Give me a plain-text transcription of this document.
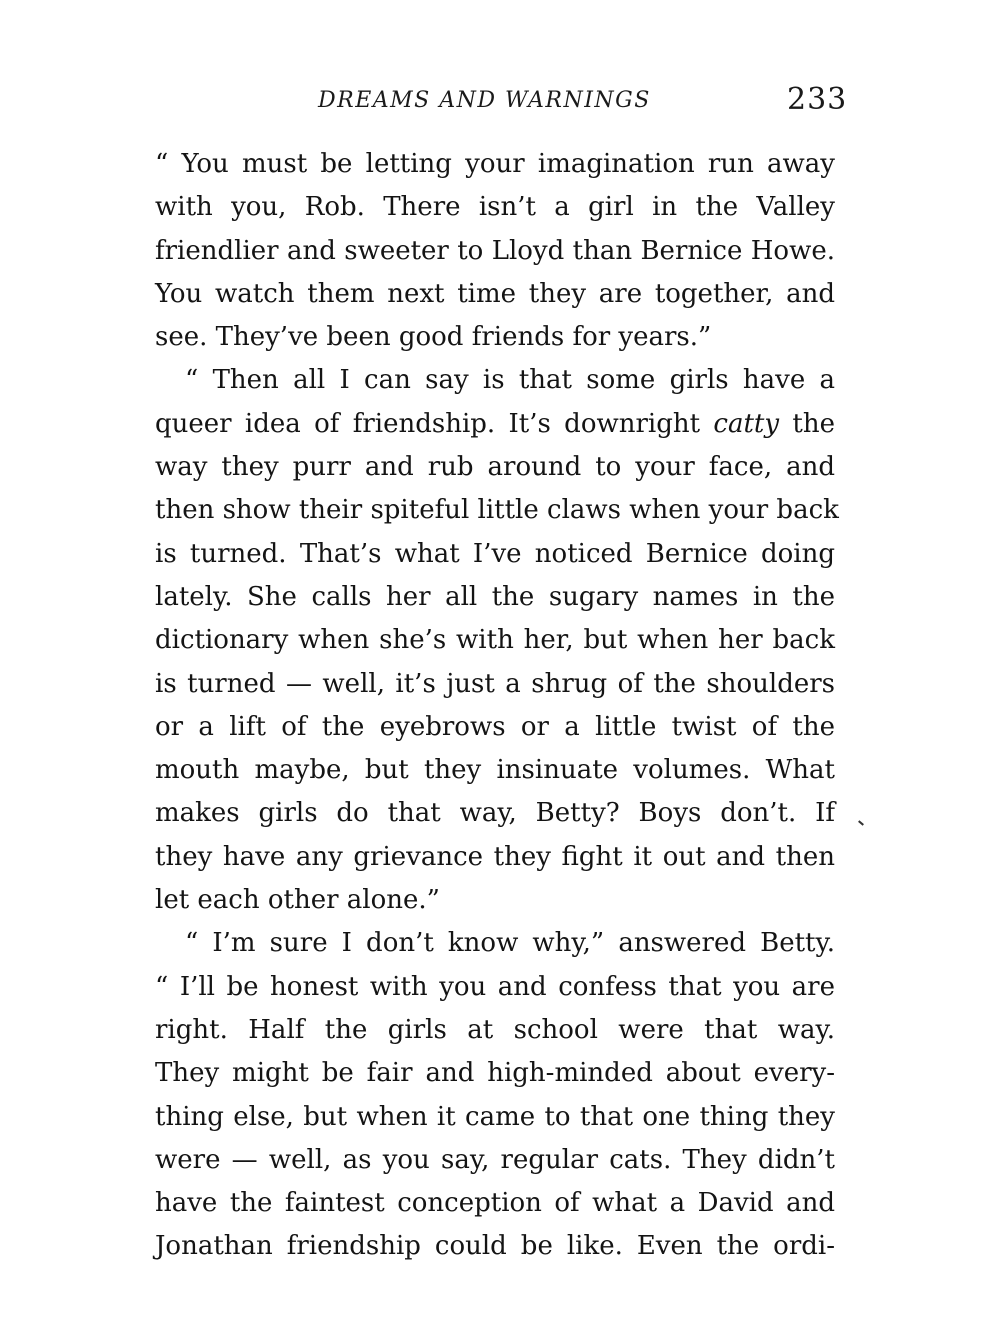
DREAMS AND WARNINGS	233
“ You must be letting your imagination run away
with you, Rob. There isn’t a girl in the Valley
friendlier and sweeter to Lloyd than Bernice Howe.
You watch them next time they are together, and
see. They’ve been good friends for years.”
“ Then all I can say is that some girls have a
queer idea of friendship. It’s downright catty the
way they purr and rub around to your face, and
then show their spiteful little claws when your back
is turned. That’s what I’ve noticed Bernice doing
lately. She calls her all the sugary names in the
dictionary when she’s with her, but when her back
is turned — well, it’s just a shrug of the shoulders
or a lift of the eyebrows or a little twist of the
mouth maybe, but they insinuate volumes. What
makes girls do that way, Betty? Boys don’t. If
they have any grievance they fight it out and then
let each other alone.”
“ I’m sure I don’t know why,” answered Betty.
“ I’ll be honest with you and confess that you are
right. Half the girls at school were that way.
They might be fair and high-minded about every-
thing else, but when it came to that one thing they
were — well, as you say, regular cats. They didn’t
have the faintest conception of what a David and
Jonathan friendship could be like. Even the ordi-
